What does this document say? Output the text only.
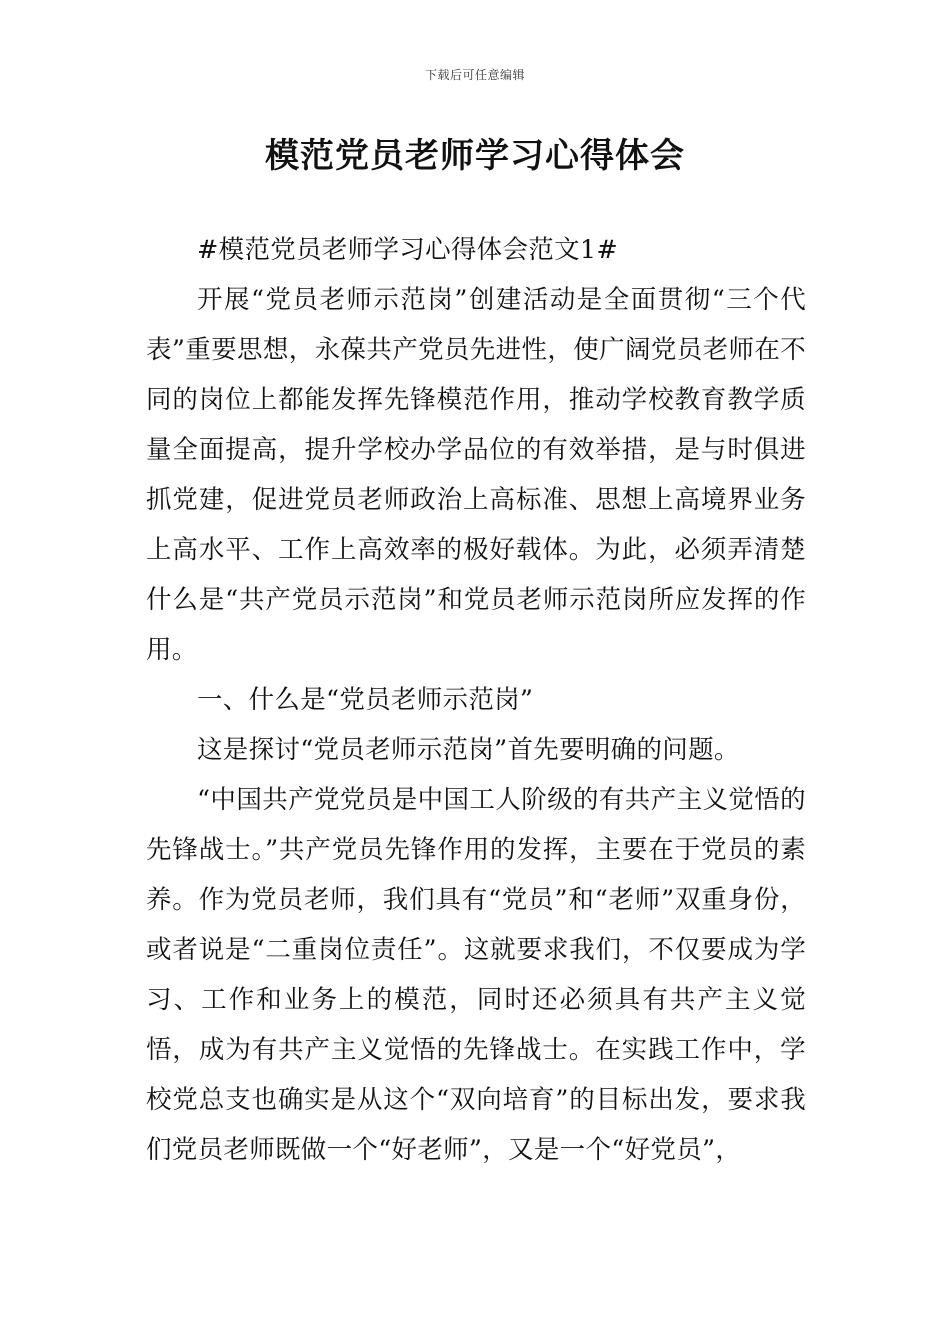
下载后可任意编辑
模范党员老师学习心得体会

#模范党员老师学习心得体会范文1#

开展“党员老师示范岗”创建活动是全面贯彻“三个代表”重要思想，永葆共产党员先进性，使广阔党员老师在不同的岗位上都能发挥先锋模范作用，推动学校教育教学质量全面提高，提升学校办学品位的有效举措，是与时俱进抓党建，促进党员老师政治上高标准、思想上高境界业务上高水平、工作上高效率的极好载体。为此，必须弄清楚什么是“共产党员示范岗”和党员老师示范岗所应发挥的作用。

一、什么是“党员老师示范岗”

这是探讨“党员老师示范岗”首先要明确的问题。

“中国共产党党员是中国工人阶级的有共产主义觉悟的先锋战士。”共产党员先锋作用的发挥，主要在于党员的素养。作为党员老师，我们具有“党员”和“老师”双重身份，或者说是“二重岗位责任”。这就要求我们，不仅要成为学习、工作和业务上的模范，同时还必须具有共产主义觉悟，成为有共产主义觉悟的先锋战士。在实践工作中，学校党总支也确实是从这个“双向培育”的目标出发，要求我们党员老师既做一个“好老师”，又是一个“好党员”，
